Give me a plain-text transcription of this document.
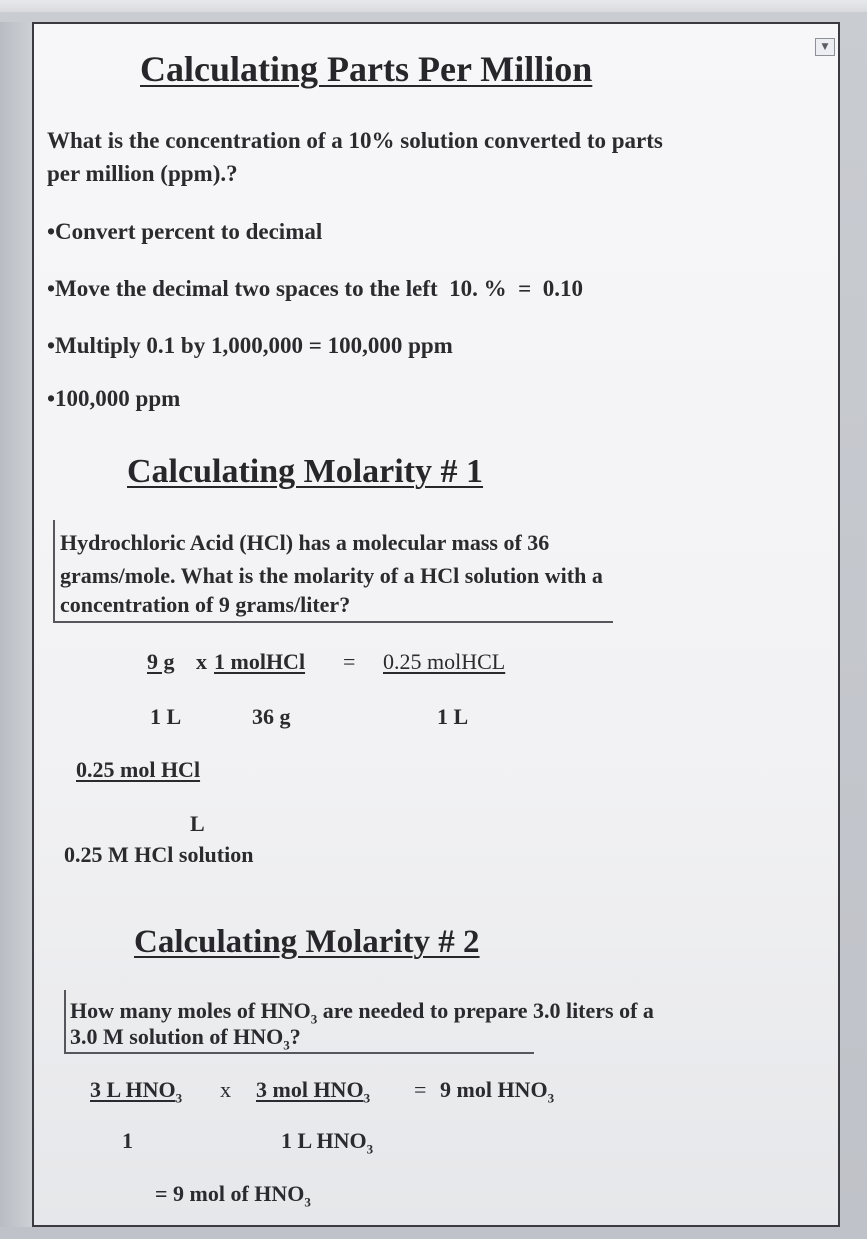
▼
Calculating Parts Per Million
What is the concentration of a 10% solution converted to parts
per million (ppm).?
•Convert percent to decimal
•Move the decimal two spaces to the left  10. %  =  0.10
•Multiply 0.1 by 1,000,000 = 100,000 ppm
•100,000 ppm
Calculating Molarity # 1
Hydrochloric Acid (HCl) has a molecular mass of 36
grams/mole. What is the molarity of a HCl solution with a
concentration of 9 grams/liter?
9 g x 1 molHCl = 0.25 molHCL
1 L	36 g	1 L
0.25 mol HCl
L
0.25 M HCl solution
Calculating Molarity # 2
How many moles of $HNO_3$ are needed to prepare 3.0 liters of a
3.0 M solution of $HNO_3$?
3 L $HNO_3$ x 3 mol $HNO_3 = 9$ mol $HNO_3$
1	1 L $HNO_3$
= 9 mol of $HNO_3$
